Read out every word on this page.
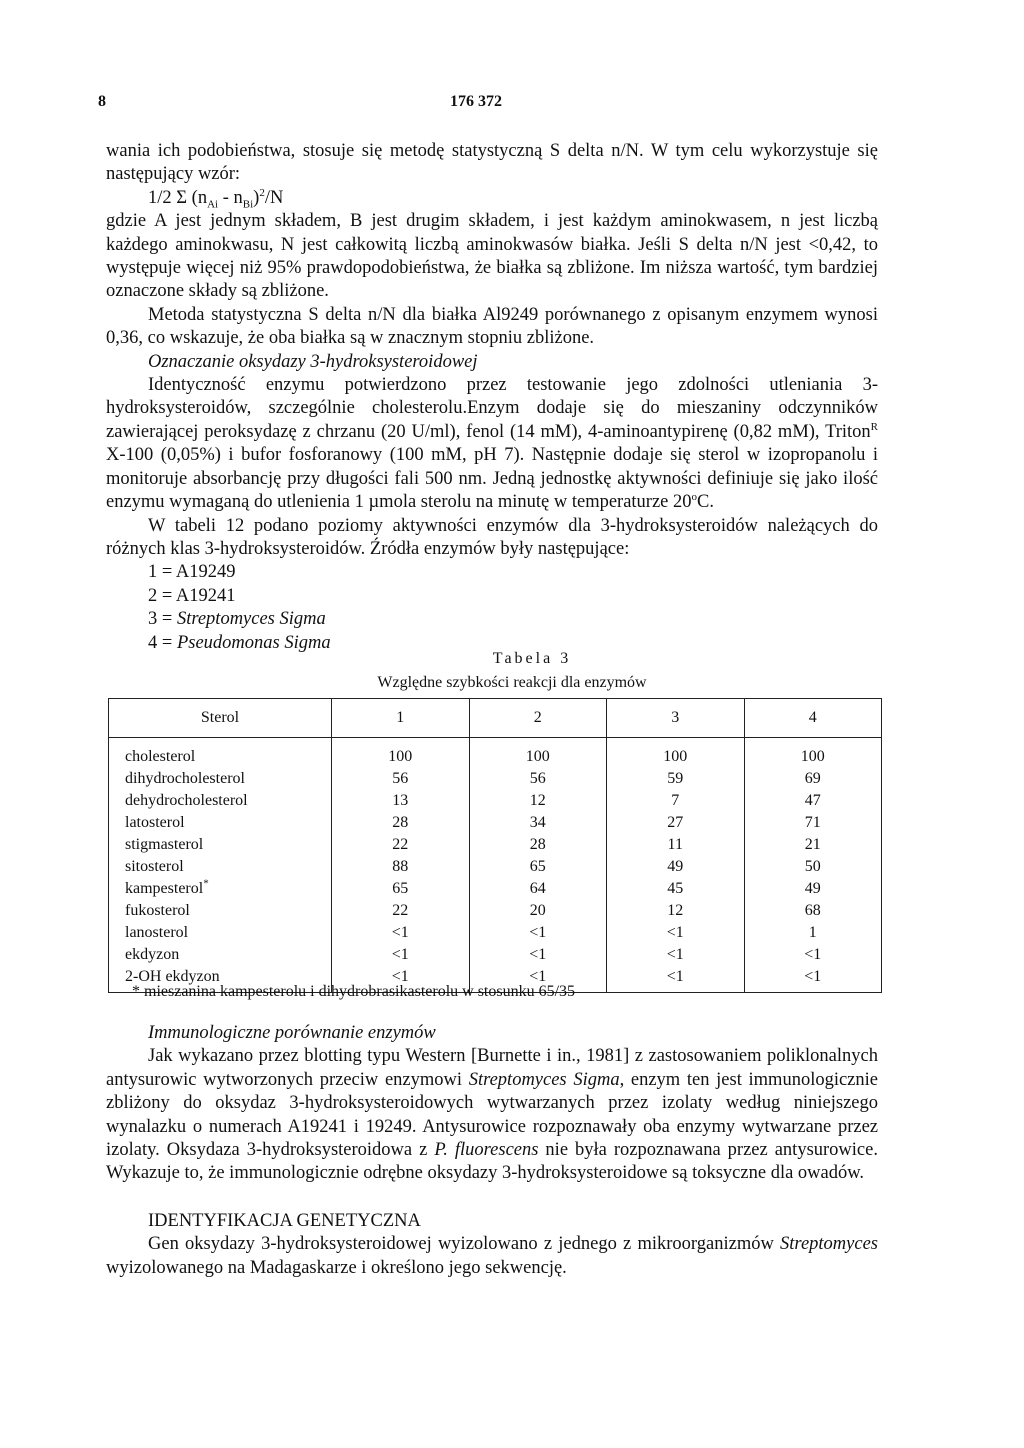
8	176 372

wania ich podobieństwa, stosuje się metodę statystyczną S delta n/N. W tym celu wykorzystuje się następujący wzór:

1/2 Σ $(n_{Ai} - n_{Bi})^2/N$

gdzie A jest jednym składem, B jest drugim składem, i jest każdym aminokwasem, n jest liczbą każdego aminokwasu, N jest całkowitą liczbą aminokwasów białka. Jeśli S delta n/N jest <0,42, to występuje więcej niż 95% prawdopodobieństwa, że białka są zbliżone. Im niższa wartość, tym bardziej oznaczone składy są zbliżone.

Metoda statystyczna S delta n/N dla białka Al9249 porównanego z opisanym enzymem wynosi 0,36, co wskazuje, że oba białka są w znacznym stopniu zbliżone.

Oznaczanie oksydazy 3-hydroksysteroidowej

Identyczność enzymu potwierdzono przez testowanie jego zdolności utleniania 3-hydroksysteroidów, szczególnie cholesterolu.Enzym dodaje się do mieszaniny odczynników zawierającej peroksydazę z chrzanu (20 U/ml), fenol (14 mM), 4-aminoantypirenę (0,82 mM), Triton$^R$ X-100 (0,05%) i bufor fosforanowy (100 mM, pH 7). Następnie dodaje się sterol w izopropanolu i monitoruje absorbancję przy długości fali 500 nm. Jedną jednostkę aktywności definiuje się jako ilość enzymu wymaganą do utlenienia 1 µmola sterolu na minutę w temperaturze 20$^o$C.

W tabeli 12 podano poziomy aktywności enzymów dla 3-hydroksysteroidów należących do różnych klas 3-hydroksysteroidów. Źródła enzymów były następujące:

1 = A19249

2 = A19241

3 = Streptomyces Sigma

4 = Pseudomonas Sigma

Tabela 3
Względne szybkości reakcji dla enzymów
Sterol	1	2	3	4
cholesterol	100	100	100	100
dihydrocholesterol	56	56	59	69
dehydrocholesterol	13	12	7	47
latosterol	28	34	27	71
stigmasterol	22	28	11	21
sitosterol	88	65	49	50
kampesterol*	65	64	45	49
fukosterol	22	20	12	68
lanosterol	<1	<1	<1	1
ekdyzon	<1	<1	<1	<1
2-OH ekdyzon	<1	<1	<1	<1
* mieszanina kampesterolu i dihydrobrasikasterolu w stosunku 65/35

Immunologiczne porównanie enzymów

Jak wykazano przez blotting typu Western [Burnette i in., 1981] z zastosowaniem poliklonalnych antysurowic wytworzonych przeciw enzymowi Streptomyces Sigma, enzym ten jest immunologicznie zbliżony do oksydaz 3-hydroksysteroidowych wytwarzanych przez izolaty według niniejszego wynalazku o numerach A19241 i 19249. Antysurowice rozpoznawały oba enzymy wytwarzane przez izolaty. Oksydaza 3-hydroksysteroidowa z P. fluorescens nie była rozpoznawana przez antysurowice. Wykazuje to, że immunologicznie odrębne oksydazy 3-hydroksysteroidowe są toksyczne dla owadów.

IDENTYFIKACJA GENETYCZNA

Gen oksydazy 3-hydroksysteroidowej wyizolowano z jednego z mikroorganizmów Streptomyces wyizolowanego na Madagaskarze i określono jego sekwencję.
